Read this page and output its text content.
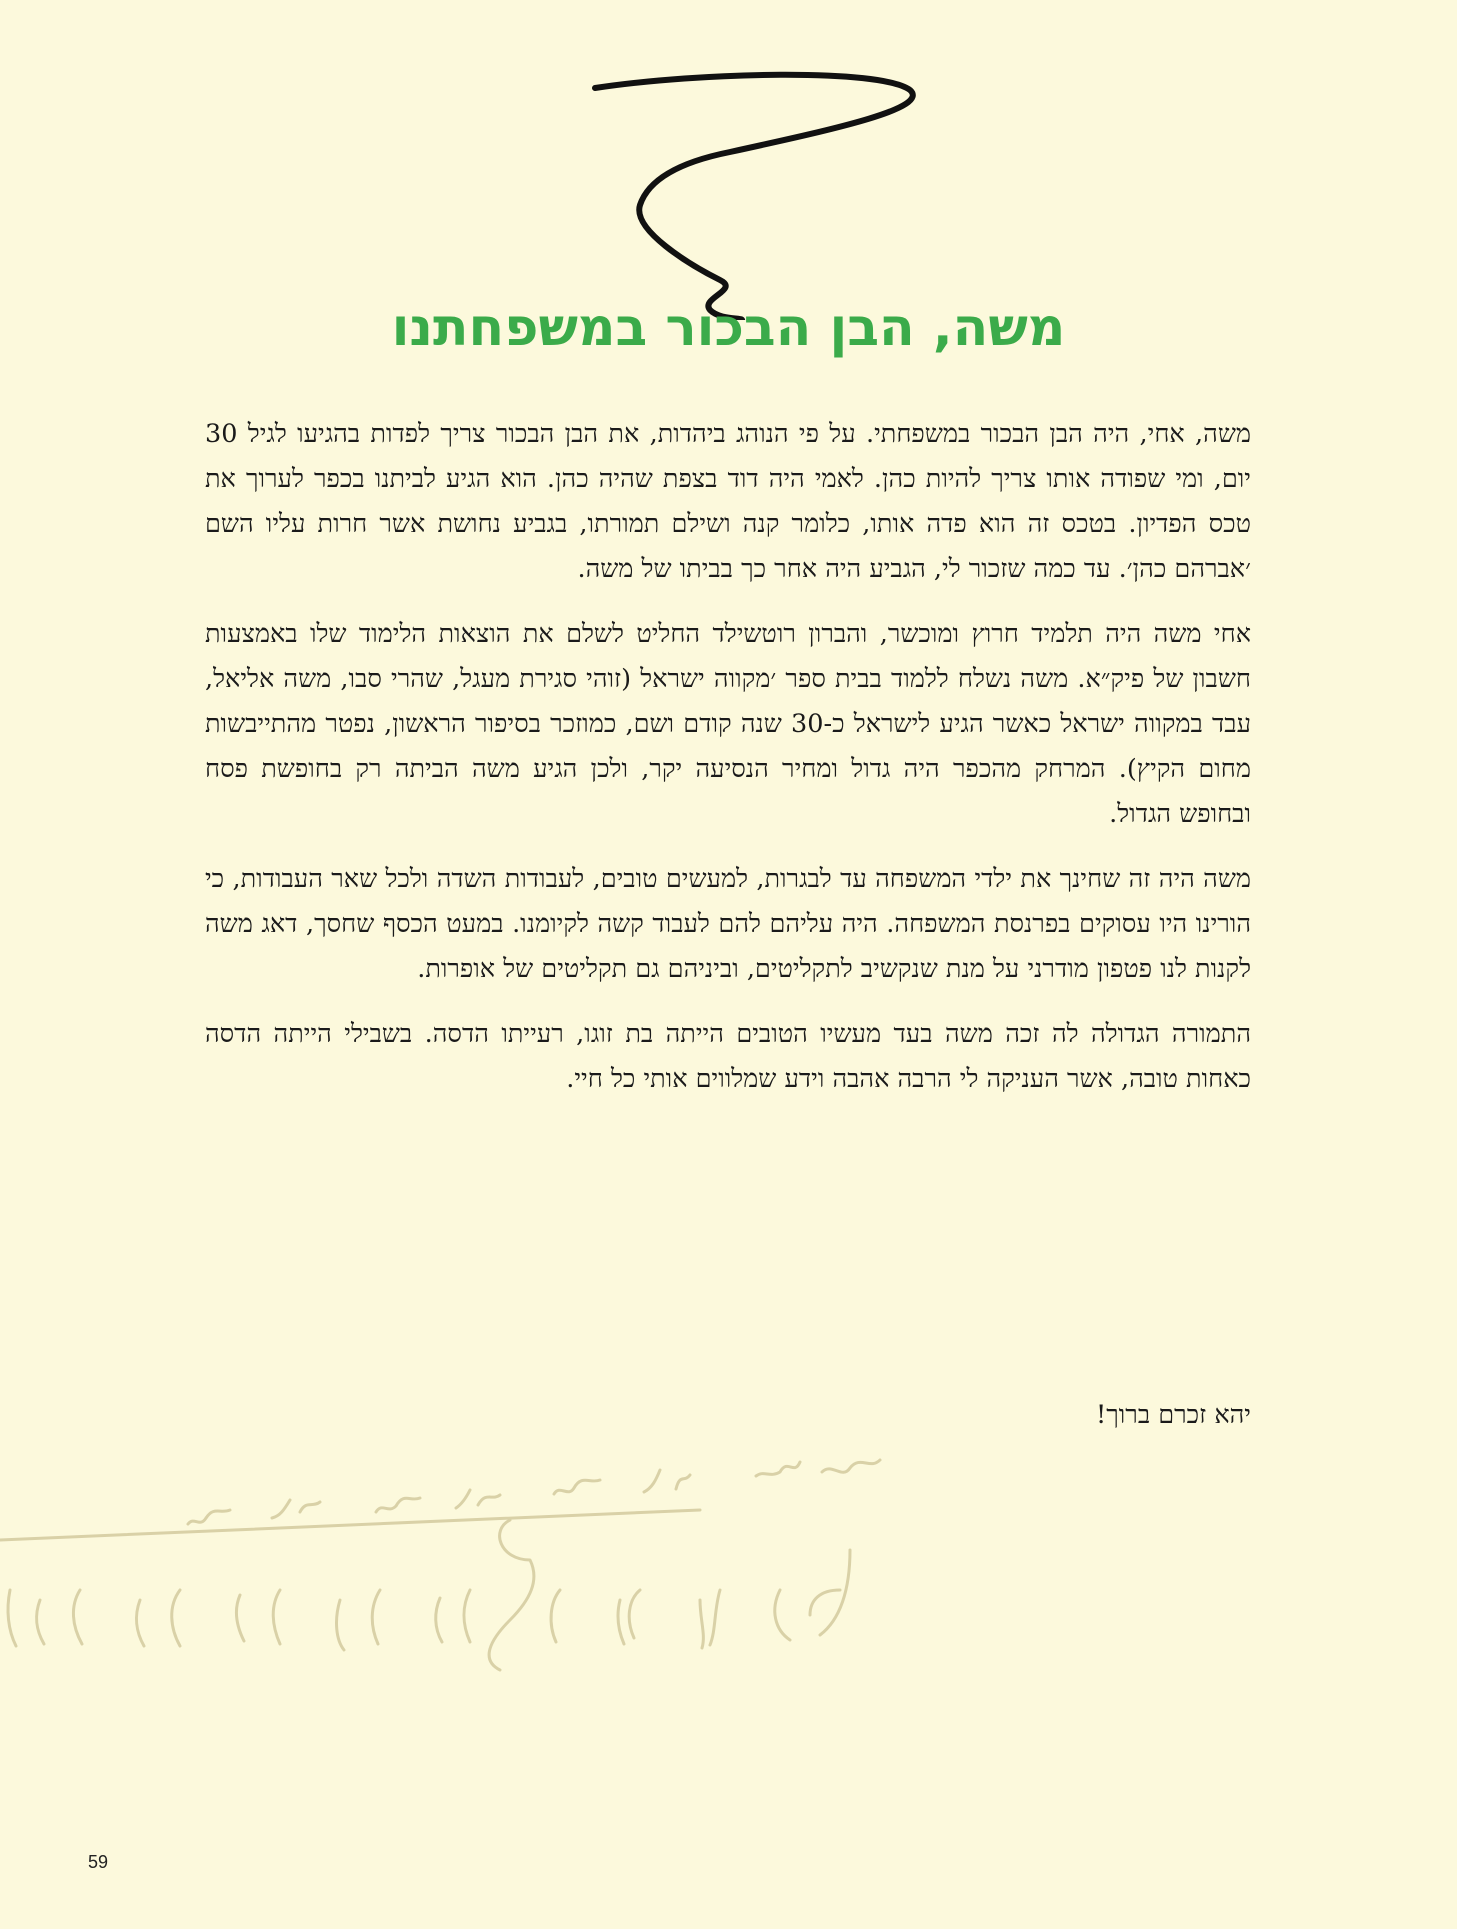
משה, הבן הבכור במשפחתנו

משה, אחי, היה הבן הבכור במשפחתי. על פי הנוהג ביהדות, את הבן הבכור צריך לפדות בהגיעו לגיל 30 יום, ומי שפודה אותו צריך להיות כהן. לאמי היה דוד בצפת שהיה כהן. הוא הגיע לביתנו בכפר לערוך את טכס הפדיון. בטכס זה הוא פדה אותו, כלומר קנה ושילם תמורתו, בגביע נחושת אשר חרות עליו השם ׳אברהם כהן׳. עד כמה שזכור לי, הגביע היה אחר כך בביתו של משה.

אחי משה היה תלמיד חרוץ ומוכשר, והברון רוטשילד החליט לשלם את הוצאות הלימוד שלו באמצעות חשבון של פיק״א. משה נשלח ללמוד בבית ספר ׳מקווה ישראל (זוהי סגירת מעגל, שהרי סבו, משה אליאל, עבד במקווה ישראל כאשר הגיע לישראל כ-30 שנה קודם ושם, כמוזכר בסיפור הראשון, נפטר מהתייבשות מחום הקיץ). המרחק מהכפר היה גדול ומחיר הנסיעה יקר, ולכן הגיע משה הביתה רק בחופשת פסח ובחופש הגדול.

משה היה זה שחינך את ילדי המשפחה עד לבגרות, למעשים טובים, לעבודות השדה ולכל שאר העבודות, כי הורינו היו עסוקים בפרנסת המשפחה. היה עליהם להם לעבוד קשה לקיומנו. במעט הכסף שחסך, דאג משה לקנות לנו פטפון מודרני על מנת שנקשיב לתקליטים, וביניהם גם תקליטים של אופרות.

התמורה הגדולה לה זכה משה בעד מעשיו הטובים הייתה בת זוגו, רעייתו הדסה. בשבילי הייתה הדסה כאחות טובה, אשר העניקה לי הרבה אהבה וידע שמלווים אותי כל חיי.

יהא זכרם ברוך!

59
